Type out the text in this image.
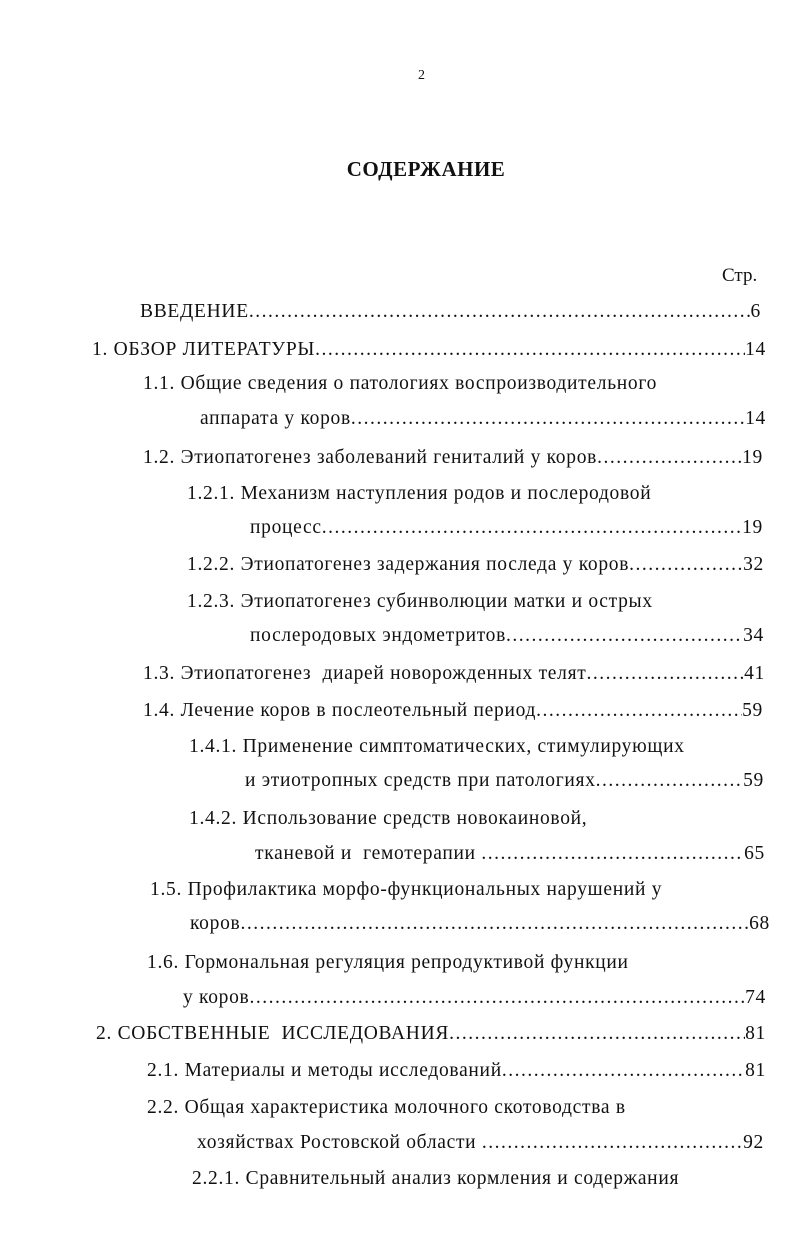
2
СОДЕРЖАНИЕ
Стр.
ВВЕДЕНИЕ .....	6
1. ОБЗОР ЛИТЕРАТУРЫ .....	14
1.1. Общие сведения о патологиях воспроизводительного
аппарата у коров .....	14
1.2. Этиопатогенез заболеваний гениталий у коров .....	19
1.2.1. Механизм наступления родов и послеродовой
процесс .....	19
1.2.2. Этиопатогенез задержания последа у коров .....	32
1.2.3. Этиопатогенез субинволюции матки и острых
послеродовых эндометритов .....	34
1.3. Этиопатогенез  диарей новорожденных телят .....	41
1.4. Лечение коров в послеотельный период .....	59
1.4.1. Применение симптоматических, стимулирующих
и этиотропных средств при патологиях .....	59
1.4.2. Использование средств новокаиновой,
тканевой и  гемотерапии .....	65
1.5. Профилактика морфо-функциональных нарушений у
коров .....	68
1.6. Гормональная регуляция репродуктивой функции
у коров .....	74
2. СОБСТВЕННЫЕ  ИССЛЕДОВАНИЯ .....	81
2.1. Материалы и методы исследований .....	81
2.2. Общая характеристика молочного скотоводства в
хозяйствах Ростовской области .....	92
2.2.1. Сравнительный анализ кормления и содержания
